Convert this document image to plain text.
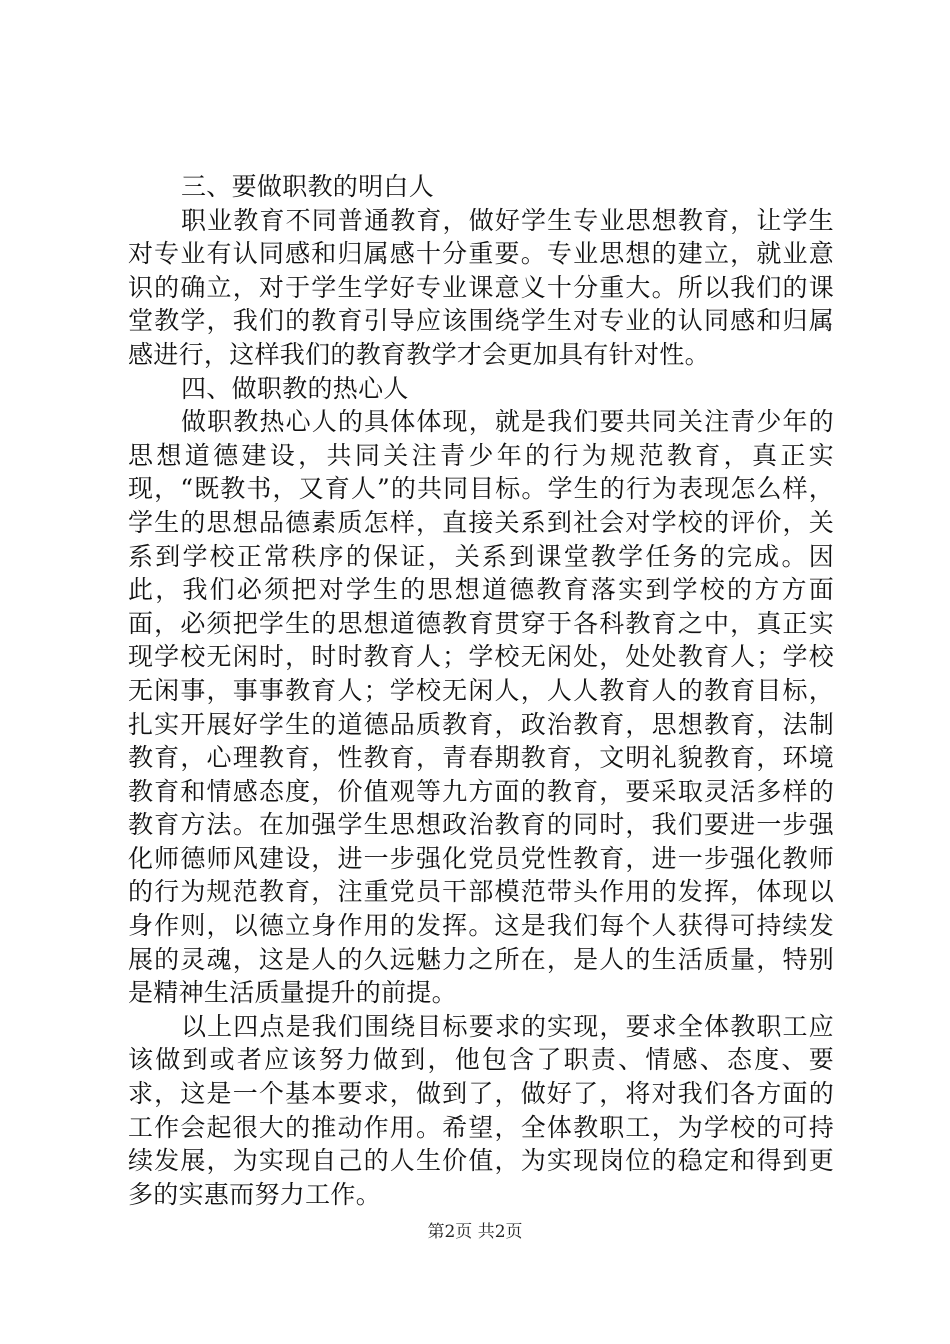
三、要做职教的明白人

职业教育不同普通教育，做好学生专业思想教育，让学生对专业有认同感和归属感十分重要。专业思想的建立，就业意识的确立，对于学生学好专业课意义十分重大。所以我们的课堂教学，我们的教育引导应该围绕学生对专业的认同感和归属感进行，这样我们的教育教学才会更加具有针对性。

四、做职教的热心人

做职教热心人的具体体现，就是我们要共同关注青少年的思想道德建设，共同关注青少年的行为规范教育，真正实现，“既教书，又育人”的共同目标。学生的行为表现怎么样，学生的思想品德素质怎样，直接关系到社会对学校的评价，关系到学校正常秩序的保证，关系到课堂教学任务的完成。因此，我们必须把对学生的思想道德教育落实到学校的方方面面，必须把学生的思想道德教育贯穿于各科教育之中，真正实现学校无闲时，时时教育人；学校无闲处，处处教育人；学校无闲事，事事教育人；学校无闲人，人人教育人的教育目标，扎实开展好学生的道德品质教育，政治教育，思想教育，法制教育，心理教育，性教育，青春期教育，文明礼貌教育，环境教育和情感态度，价值观等九方面的教育，要采取灵活多样的教育方法。在加强学生思想政治教育的同时，我们要进一步强化师德师风建设，进一步强化党员党性教育，进一步强化教师的行为规范教育，注重党员干部模范带头作用的发挥，体现以身作则，以德立身作用的发挥。这是我们每个人获得可持续发展的灵魂，这是人的久远魅力之所在，是人的生活质量，特别是精神生活质量提升的前提。

以上四点是我们围绕目标要求的实现，要求全体教职工应该做到或者应该努力做到，他包含了职责、情感、态度、要求，这是一个基本要求，做到了，做好了，将对我们各方面的工作会起很大的推动作用。希望，全体教职工，为学校的可持续发展，为实现自己的人生价值，为实现岗位的稳定和得到更多的实惠而努力工作。

第2页 共2页
